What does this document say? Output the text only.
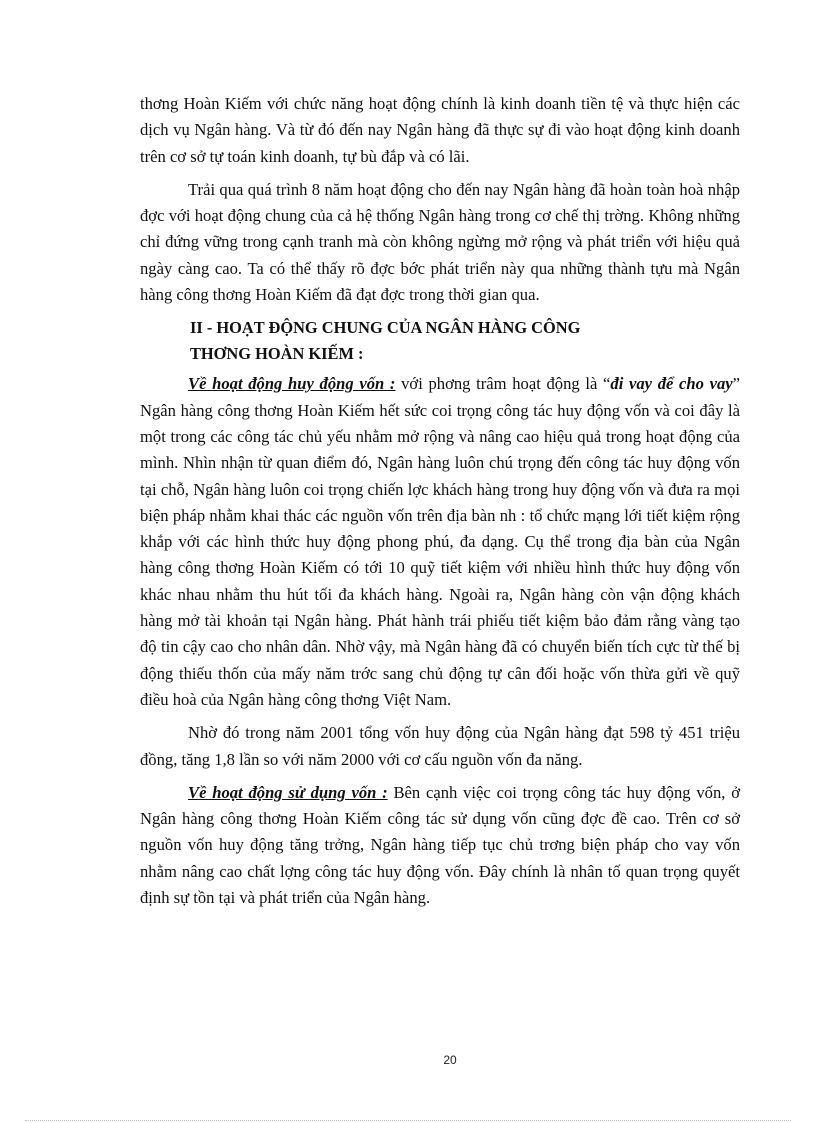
thơng Hoàn Kiếm với chức năng hoạt động chính là kinh doanh tiền tệ và thực hiện các dịch vụ Ngân hàng. Và từ đó đến nay Ngân hàng đã thực sự đi vào hoạt động kinh doanh trên cơ sở tự toán kinh doanh, tự bù đắp và có lãi.

Trải qua quá trình 8 năm hoạt động cho đến nay Ngân hàng đã hoàn toàn hoà nhập đợc với hoạt động chung của cả hệ thống Ngân hàng trong cơ chế thị trờng. Không những chỉ đứng vững trong cạnh tranh mà còn không ngừng mở rộng và phát triển với hiệu quả ngày càng cao. Ta có thể thấy rõ đợc bớc phát triển này qua những thành tựu mà Ngân hàng công thơng Hoàn Kiếm đã đạt đợc trong thời gian qua.

II - HOẠT ĐỘNG CHUNG CỦA NGÂN HÀNG CÔNG
THƠNG HOÀN KIẾM :

Về hoạt động huy động vốn : với phơng trâm hoạt động là “đi vay để cho vay” Ngân hàng công thơng Hoàn Kiếm hết sức coi trọng công tác huy động vốn và coi đây là một trong các công tác chủ yếu nhằm mở rộng và nâng cao hiệu quả trong hoạt động của mình. Nhìn nhận từ quan điểm đó, Ngân hàng luôn chú trọng đến công tác huy động vốn tại chỗ, Ngân hàng luôn coi trọng chiến lợc khách hàng trong huy động vốn và đưa ra mọi biện pháp nhằm khai thác các nguồn vốn trên địa bàn nh : tổ chức mạng lới tiết kiệm rộng khắp với các hình thức huy động phong phú, đa dạng. Cụ thể trong địa bàn của Ngân hàng công thơng Hoàn Kiếm có tới 10 quỹ tiết kiệm với nhiều hình thức huy động vốn khác nhau nhằm thu hút tối đa khách hàng. Ngoài ra, Ngân hàng còn vận động khách hàng mở tài khoản tại Ngân hàng. Phát hành trái phiếu tiết kiệm bảo đảm rằng vàng tạo độ tin cậy cao cho nhân dân. Nhờ vậy, mà Ngân hàng đã có chuyển biến tích cực từ thế bị động thiếu thốn của mấy năm trớc sang chủ động tự cân đối hoặc vốn thừa gửi về quỹ điều hoà của Ngân hàng công thơng Việt Nam.

Nhờ đó trong năm 2001 tổng vốn huy động của Ngân hàng đạt 598 tỷ 451 triệu đồng, tăng 1,8 lần so với năm 2000 với cơ cấu nguồn vốn đa năng.

Về hoạt động sử dụng vốn : Bên cạnh việc coi trọng công tác huy động vốn, ở Ngân hàng công thơng Hoàn Kiếm công tác sử dụng vốn cũng đợc đề cao. Trên cơ sở nguồn vốn huy động tăng trởng, Ngân hàng tiếp tục chủ trơng biện pháp cho vay vốn nhằm nâng cao chất lợng công tác huy động vốn. Đây chính là nhân tố quan trọng quyết định sự tồn tại và phát triển của Ngân hàng.

20
